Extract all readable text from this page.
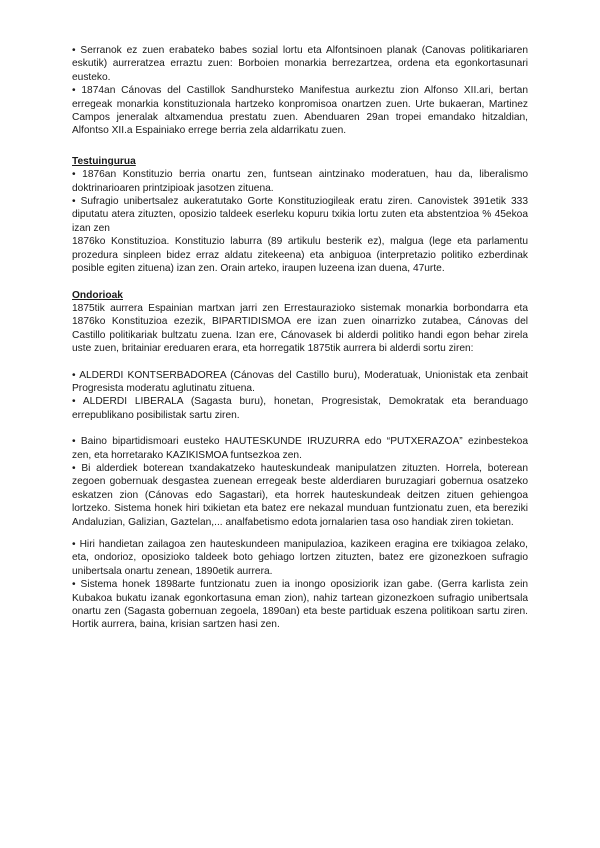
• Serranok ez zuen erabateko babes sozial lortu eta Alfontsinoen planak (Canovas politikariaren eskutik) aurreratzea erraztu zuen: Borboien monarkia berrezartzea, ordena eta egonkortasunari eusteko.

• 1874an Cánovas del Castillok Sandhursteko Manifestua aurkeztu zion Alfonso XII.ari, bertan erregeak monarkia konstituzionala hartzeko konpromisoa onartzen zuen. Urte bukaeran, Martinez Campos jeneralak altxamendua prestatu zuen. Abenduaren 29an tropei emandako hitzaldian, Alfontso XII.a Espainiako errege berria zela aldarrikatu zuen.

Testuingurua

• 1876an Konstituzio berria onartu zen, funtsean aintzinako moderatuen, hau da, liberalismo doktrinarioaren printzipioak jasotzen zituena.

• Sufragio unibertsalez aukeratutako Gorte Konstituziogileak eratu ziren. Canovistek 391etik 333 diputatu atera zituzten, oposizio taldeek eserleku kopuru txikia lortu zuten eta abstentzioa % 45ekoa izan zen

1876ko Konstituzioa. Konstituzio laburra (89 artikulu besterik ez), malgua (lege eta parlamentu prozedura sinpleen bidez erraz aldatu zitekeena) eta anbiguoa (interpretazio politiko ezberdinak posible egiten zituena) izan zen. Orain arteko, iraupen luzeena izan duena, 47urte.

Ondorioak

1875tik aurrera Espainian martxan jarri zen Errestaurazioko sistemak monarkia borbondarra eta 1876ko Konstituzioa ezezik, BIPARTIDISMOA ere izan zuen oinarrizko zutabea, Cánovas del Castillo politikariak bultzatu zuena. Izan ere, Cánovasek bi alderdi politiko handi egon behar zirela uste zuen, britainiar ereduaren erara, eta horregatik 1875tik aurrera bi alderdi sortu ziren:

• ALDERDI KONTSERBADOREA (Cánovas del Castillo buru), Moderatuak, Unionistak eta zenbait Progresista moderatu aglutinatu zituena.

• ALDERDI LIBERALA (Sagasta buru), honetan, Progresistak, Demokratak eta beranduago errepublikano posibilistak sartu ziren.

• Baino bipartidismoari eusteko HAUTESKUNDE IRUZURRA edo “PUTXERAZOA” ezinbestekoa zen, eta horretarako KAZIKISMOA funtsezkoa zen.

• Bi alderdiek boterean txandakatzeko hauteskundeak manipulatzen zituzten. Horrela, boterean zegoen gobernuak desgastea zuenean erregeak beste alderdiaren buruzagiari gobernua osatzeko eskatzen zion (Cánovas edo Sagastari), eta horrek hauteskundeak deitzen zituen gehiengoa lortzeko. Sistema honek hiri txikietan eta batez ere nekazal munduan funtzionatu zuen, eta bereziki Andaluzian, Galizian, Gaztelan,... analfabetismo edota jornalarien tasa oso handiak ziren tokietan.

• Hiri handietan zailagoa zen hauteskundeen manipulazioa, kazikeen eragina ere txikiagoa zelako, eta, ondorioz, oposizioko taldeek boto gehiago lortzen zituzten, batez ere gizonezkoen sufragio unibertsala onartu zenean, 1890etik aurrera.

• Sistema honek 1898arte funtzionatu zuen ia inongo oposiziorik izan gabe. (Gerra karlista zein Kubakoa bukatu izanak egonkortasuna eman zion), nahiz tartean gizonezkoen sufragio unibertsala onartu zen (Sagasta gobernuan zegoela, 1890an) eta beste partiduak eszena politikoan sartu ziren. Hortik aurrera, baina, krisian sartzen hasi zen.
